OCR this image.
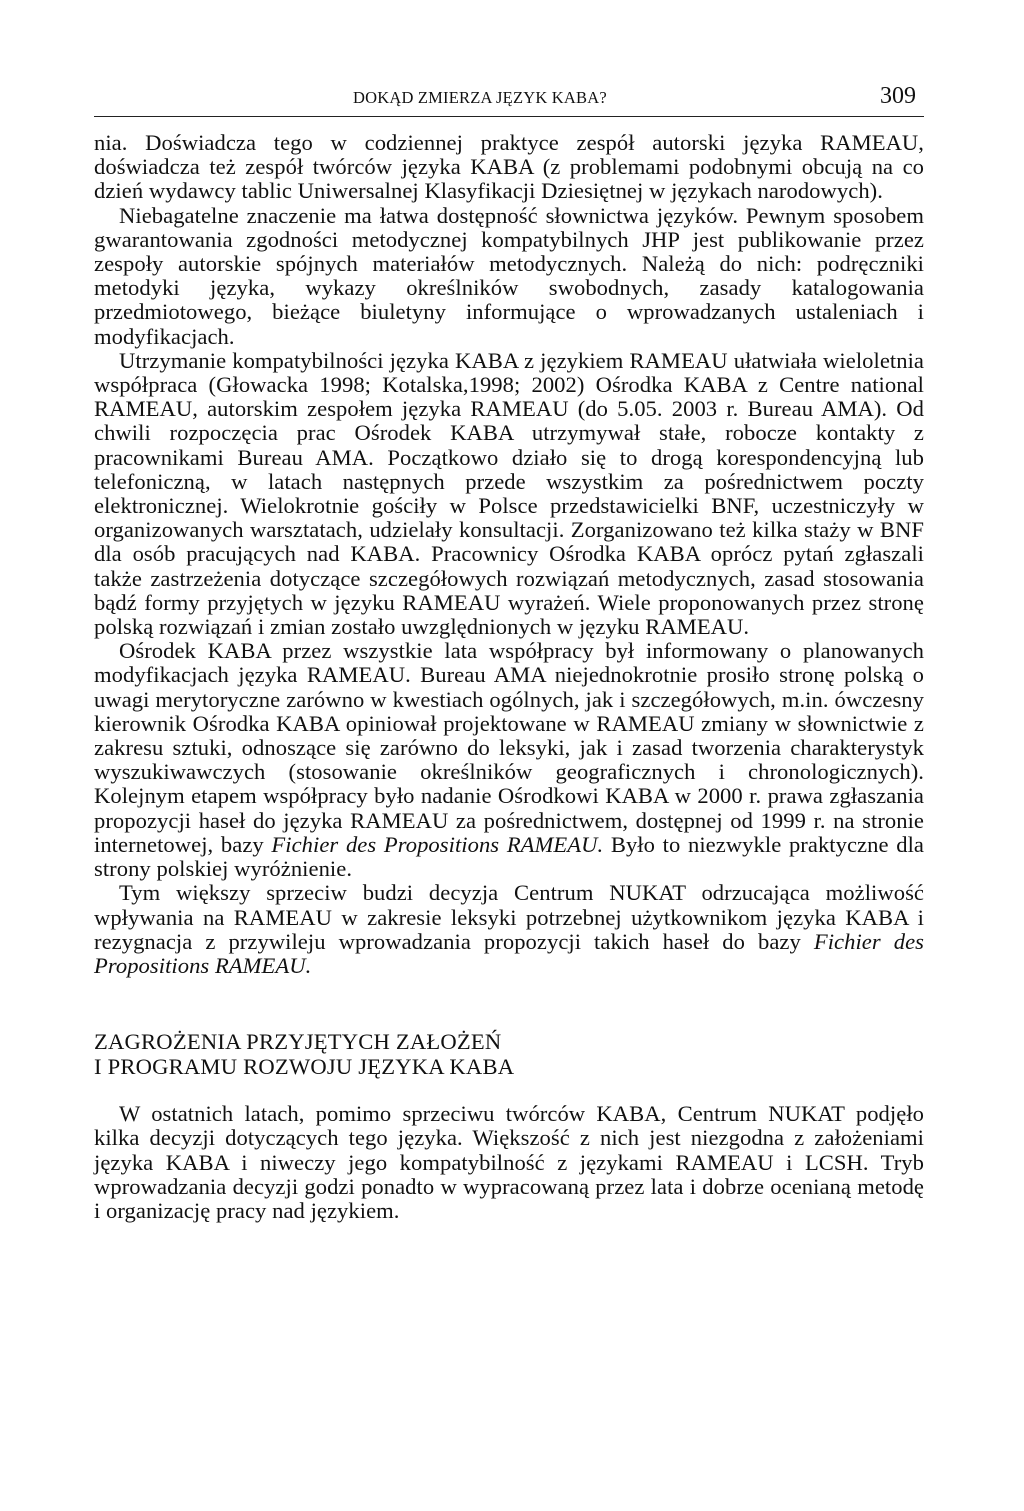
DOKĄD ZMIERZA JĘZYK KABA?	309

nia. Doświadcza tego w codziennej praktyce zespół autorski języka RAMEAU, doświadcza też zespół twórców języka KABA (z problemami podobnymi obcują na co dzień wydawcy tablic Uniwersalnej Klasyfikacji Dziesiętnej w językach narodowych).

Niebagatelne znaczenie ma łatwa dostępność słownictwa języków. Pewnym sposobem gwarantowania zgodności metodycznej kompatybilnych JHP jest publikowanie przez zespoły autorskie spójnych materiałów metodycznych. Należą do nich: podręczniki metodyki języka, wykazy określników swobodnych, zasady katalogowania przedmiotowego, bieżące biuletyny informujące o wprowadzanych ustaleniach i modyfikacjach.

Utrzymanie kompatybilności języka KABA z językiem RAMEAU ułatwiała wieloletnia współpraca (Głowacka 1998; Kotalska,1998; 2002) Ośrodka KABA z Centre national RAMEAU, autorskim zespołem języka RAMEAU (do 5.05. 2003 r. Bureau AMA). Od chwili rozpoczęcia prac Ośrodek KABA utrzymywał stałe, robocze kontakty z pracownikami Bureau AMA. Początkowo działo się to drogą korespondencyjną lub telefoniczną, w latach następnych przede wszystkim za pośrednictwem poczty elektronicznej. Wielokrotnie gościły w Polsce przedstawicielki BNF, uczestniczyły w organizowanych warsztatach, udzielały konsultacji. Zorganizowano też kilka staży w BNF dla osób pracujących nad KABA. Pracownicy Ośrodka KABA oprócz pytań zgłaszali także zastrzeżenia dotyczące szczegółowych rozwiązań metodycznych, zasad stosowania bądź formy przyjętych w języku RAMEAU wyrażeń. Wiele proponowanych przez stronę polską rozwiązań i zmian zostało uwzględnionych w języku RAMEAU.

Ośrodek KABA przez wszystkie lata współpracy był informowany o planowanych modyfikacjach języka RAMEAU. Bureau AMA niejednokrotnie prosiło stronę polską o uwagi merytoryczne zarówno w kwestiach ogólnych, jak i szczegółowych, m.in. ówczesny kierownik Ośrodka KABA opiniował projektowane w RAMEAU zmiany w słownictwie z zakresu sztuki, odnoszące się zarówno do leksyki, jak i zasad tworzenia charakterystyk wyszukiwawczych (stosowanie określników geograficznych i chronologicznych). Kolejnym etapem współpracy było nadanie Ośrodkowi KABA w 2000 r. prawa zgłaszania propozycji haseł do języka RAMEAU za pośrednictwem, dostępnej od 1999 r. na stronie internetowej, bazy Fichier des Propositions RAMEAU. Było to niezwykle praktyczne dla strony polskiej wyróżnienie.

Tym większy sprzeciw budzi decyzja Centrum NUKAT odrzucająca możliwość wpływania na RAMEAU w zakresie leksyki potrzebnej użytkownikom języka KABA i rezygnacja z przywileju wprowadzania propozycji takich haseł do bazy Fichier des Propositions RAMEAU.

ZAGROŻENIA PRZYJĘTYCH ZAŁOŻEŃ
I PROGRAMU ROZWOJU JĘZYKA KABA

W ostatnich latach, pomimo sprzeciwu twórców KABA, Centrum NUKAT podjęło kilka decyzji dotyczących tego języka. Większość z nich jest niezgodna z założeniami języka KABA i niweczy jego kompatybilność z językami RAMEAU i LCSH. Tryb wprowadzania decyzji godzi ponadto w wypracowaną przez lata i dobrze ocenianą metodę i organizację pracy nad językiem.
